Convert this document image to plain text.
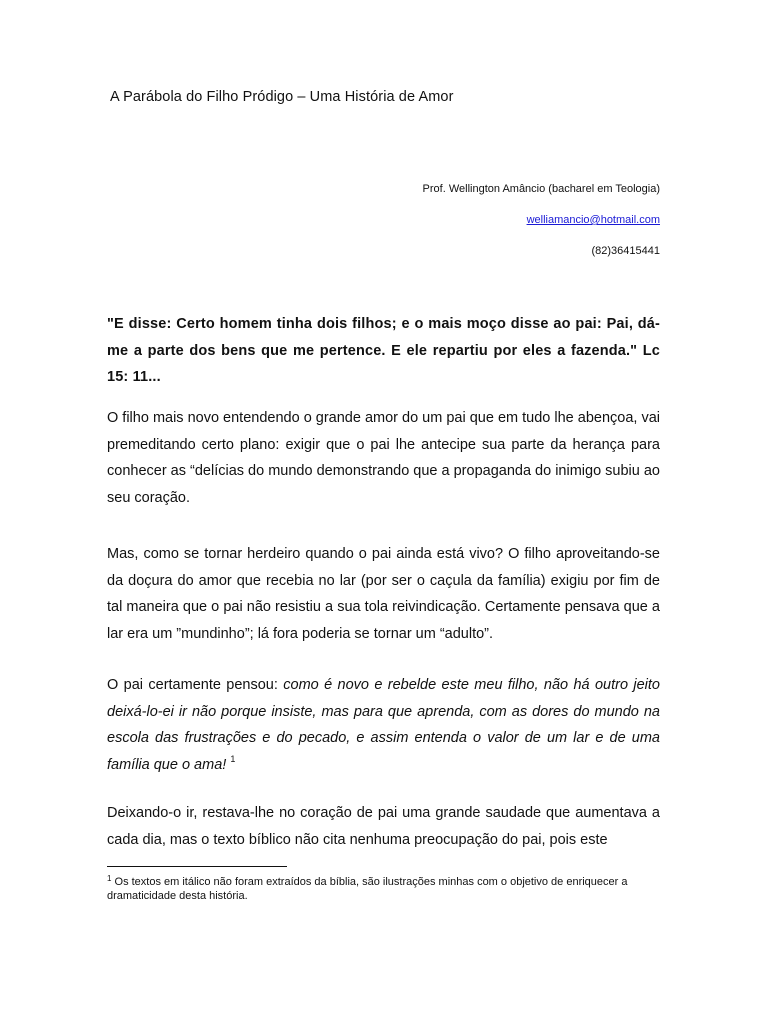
A Parábola do Filho Pródigo – Uma História de Amor
Prof. Wellington Amâncio (bacharel em Teologia)
welliamancio@hotmail.com
(82)36415441
"E disse: Certo homem tinha dois filhos; e o mais moço disse ao pai: Pai, dá-me a parte dos bens que me pertence. E ele repartiu por eles a fazenda." Lc 15: 11...
O filho mais novo entendendo o grande amor do um pai que em tudo lhe abençoa, vai premeditando certo plano: exigir que o pai lhe antecipe sua parte da herança para conhecer as “delícias do mundo demonstrando que a propaganda do inimigo subiu ao seu coração.
Mas, como se tornar herdeiro quando o pai ainda está vivo? O filho aproveitando-se da doçura do amor que recebia no lar (por ser o caçula da família) exigiu por fim de tal maneira que o pai não resistiu a sua tola reivindicação. Certamente pensava que a lar era um ”mundinho”; lá fora poderia se tornar um “adulto”.
O pai certamente pensou: como é novo e rebelde este meu filho, não há outro jeito deixá-lo-ei ir não porque insiste, mas para que aprenda, com as dores do mundo na escola das frustrações e do pecado, e assim entenda o valor de um lar e de uma família que o ama! $^1$
Deixando-o ir, restava-lhe no coração de pai uma grande saudade que aumentava a cada dia, mas o texto bíblico não cita nenhuma preocupação do pai, pois este
$^1$ Os textos em itálico não foram extraídos da bíblia, são ilustrações minhas com o objetivo de enriquecer a dramaticidade desta história.
